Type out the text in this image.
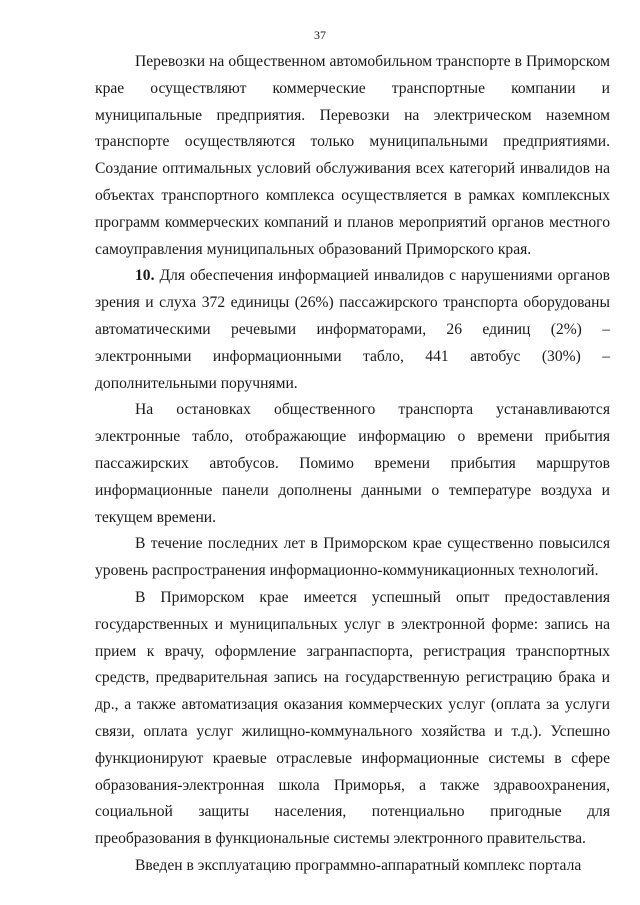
37

Перевозки на общественном автомобильном транспорте в Приморском крае осуществляют коммерческие транспортные компании и муниципальные предприятия. Перевозки на электрическом наземном транспорте осуществляются только муниципальными предприятиями. Создание оптимальных условий обслуживания всех категорий инвалидов на объектах транспортного комплекса осуществляется в рамках комплексных программ коммерческих компаний и планов мероприятий органов местного самоуправления муниципальных образований Приморского края.

10. Для обеспечения информацией инвалидов с нарушениями органов зрения и слуха 372 единицы (26%) пассажирского транспорта оборудованы автоматическими речевыми информаторами, 26 единиц (2%) – электронными информационными табло, 441 автобус (30%) – дополнительными поручнями.

На остановках общественного транспорта устанавливаются электронные табло, отображающие информацию о времени прибытия пассажирских автобусов. Помимо времени прибытия маршрутов информационные панели дополнены данными о температуре воздуха и текущем времени.

В течение последних лет в Приморском крае существенно повысился уровень распространения информационно-коммуникационных технологий.

В Приморском крае имеется успешный опыт предоставления государственных и муниципальных услуг в электронной форме: запись на прием к врачу, оформление загранпаспорта, регистрация транспортных средств, предварительная запись на государственную регистрацию брака и др., а также автоматизация оказания коммерческих услуг (оплата за услуги связи, оплата услуг жилищно-коммунального хозяйства и т.д.). Успешно функционируют краевые отраслевые информационные системы в сфере образования-электронная школа Приморья, а также здравоохранения, социальной защиты населения, потенциально пригодные для преобразования в функциональные системы электронного правительства.

Введен в эксплуатацию программно-аппаратный комплекс портала
